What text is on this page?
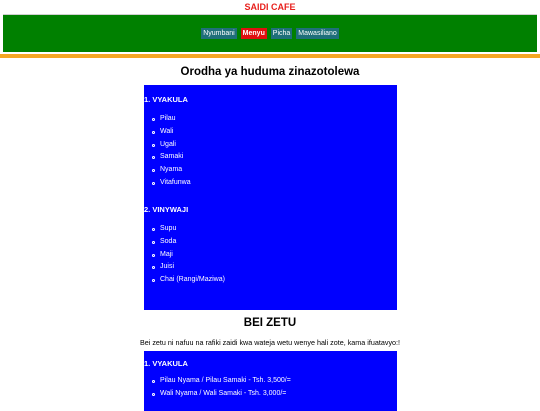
SAIDI CAFE
Nyumbani Menyu Picha Mawasiliano
Orodha ya huduma zinazotolewa
1. VYAKULA
Pilau
Wali
Ugali
Samaki
Nyama
Vitafunwa
2. VINYWAJI
Supu
Soda
Maji
Juisi
Chai (Rangi/Maziwa)
BEI ZETU
Bei zetu ni nafuu na rafiki zaidi kwa wateja wetu wenye hali zote, kama ifuatavyo:!
1. VYAKULA
Pilau Nyama / Pilau Samaki - Tsh. 3,500/=
Wali Nyama / Wali Samaki - Tsh. 3,000/=
